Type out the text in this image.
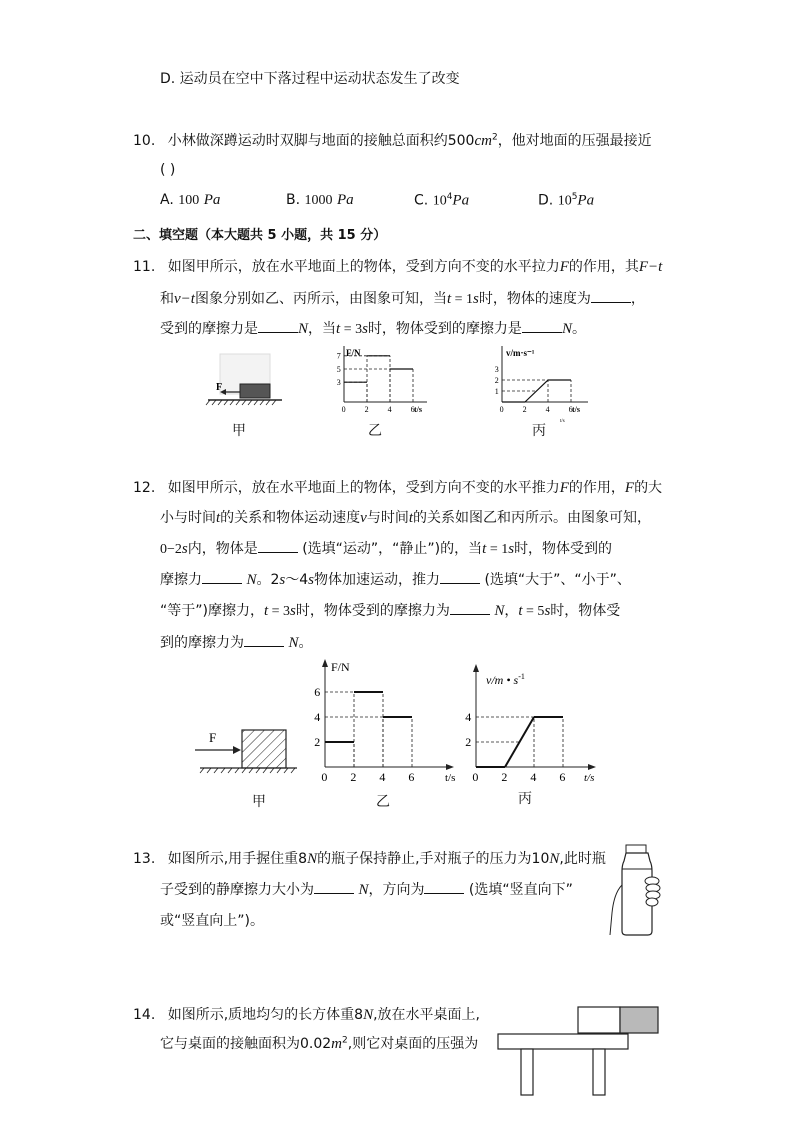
D. 运动员在空中下落过程中运动状态发生了改变
10. 小林做深蹲运动时双脚与地面的接触总面积约$500cm^2$，他对地面的压强最接近
( )
A. 100 Pa	B. 1000 Pa	C. $10^4Pa$	D. $10^5Pa$
二、填空题（本大题共 5 小题，共 15 分）
11. 如图甲所示，放在水平地面上的物体，受到方向不变的水平拉力F的作用，其F−t
和v−t图象分别如乙、丙所示，由图象可知，当t = 1s时，物体的速度为	，
受到的摩擦力是	N，当t = 3s时，物体受到的摩擦力是	N。
F
甲
F/N
t/s
0 2 4 6
7
5
3
乙
v/m·s⁻¹
t/s
t/s
0 2 4 6
3
2
1
丙
12. 如图甲所示，放在水平地面上的物体，受到方向不变的水平推力F的作用，F的大
小与时间t的关系和物体运动速度v与时间t的关系如图乙和丙所示。由图象可知，
0−2s内，物体是	(选填“运动”，“静止”)的，当t = 1s时，物体受到的
摩擦力	N。2s～4s物体加速运动，推力	(选填“大于”、“小于”、
“等于”)摩擦力，t = 3s时，物体受到的摩擦力为	N，t = 5s时，物体受
到的摩擦力为	N。
F
甲
F/N
t/s
0 2 4 6
6
4
2
乙
v/m • $s^{-1}$
t/s
0 2 4 6
4
2
丙
13. 如图所示,用手握住重8N的瓶子保持静止,手对瓶子的压力为10N,此时瓶
子受到的静摩擦力大小为	N，方向为	(选填“竖直向下”
或“竖直向上”)。
14. 如图所示,质地均匀的长方体重8N,放在水平桌面上,
它与桌面的接触面积为$0.02m^2$,则它对桌面的压强为
